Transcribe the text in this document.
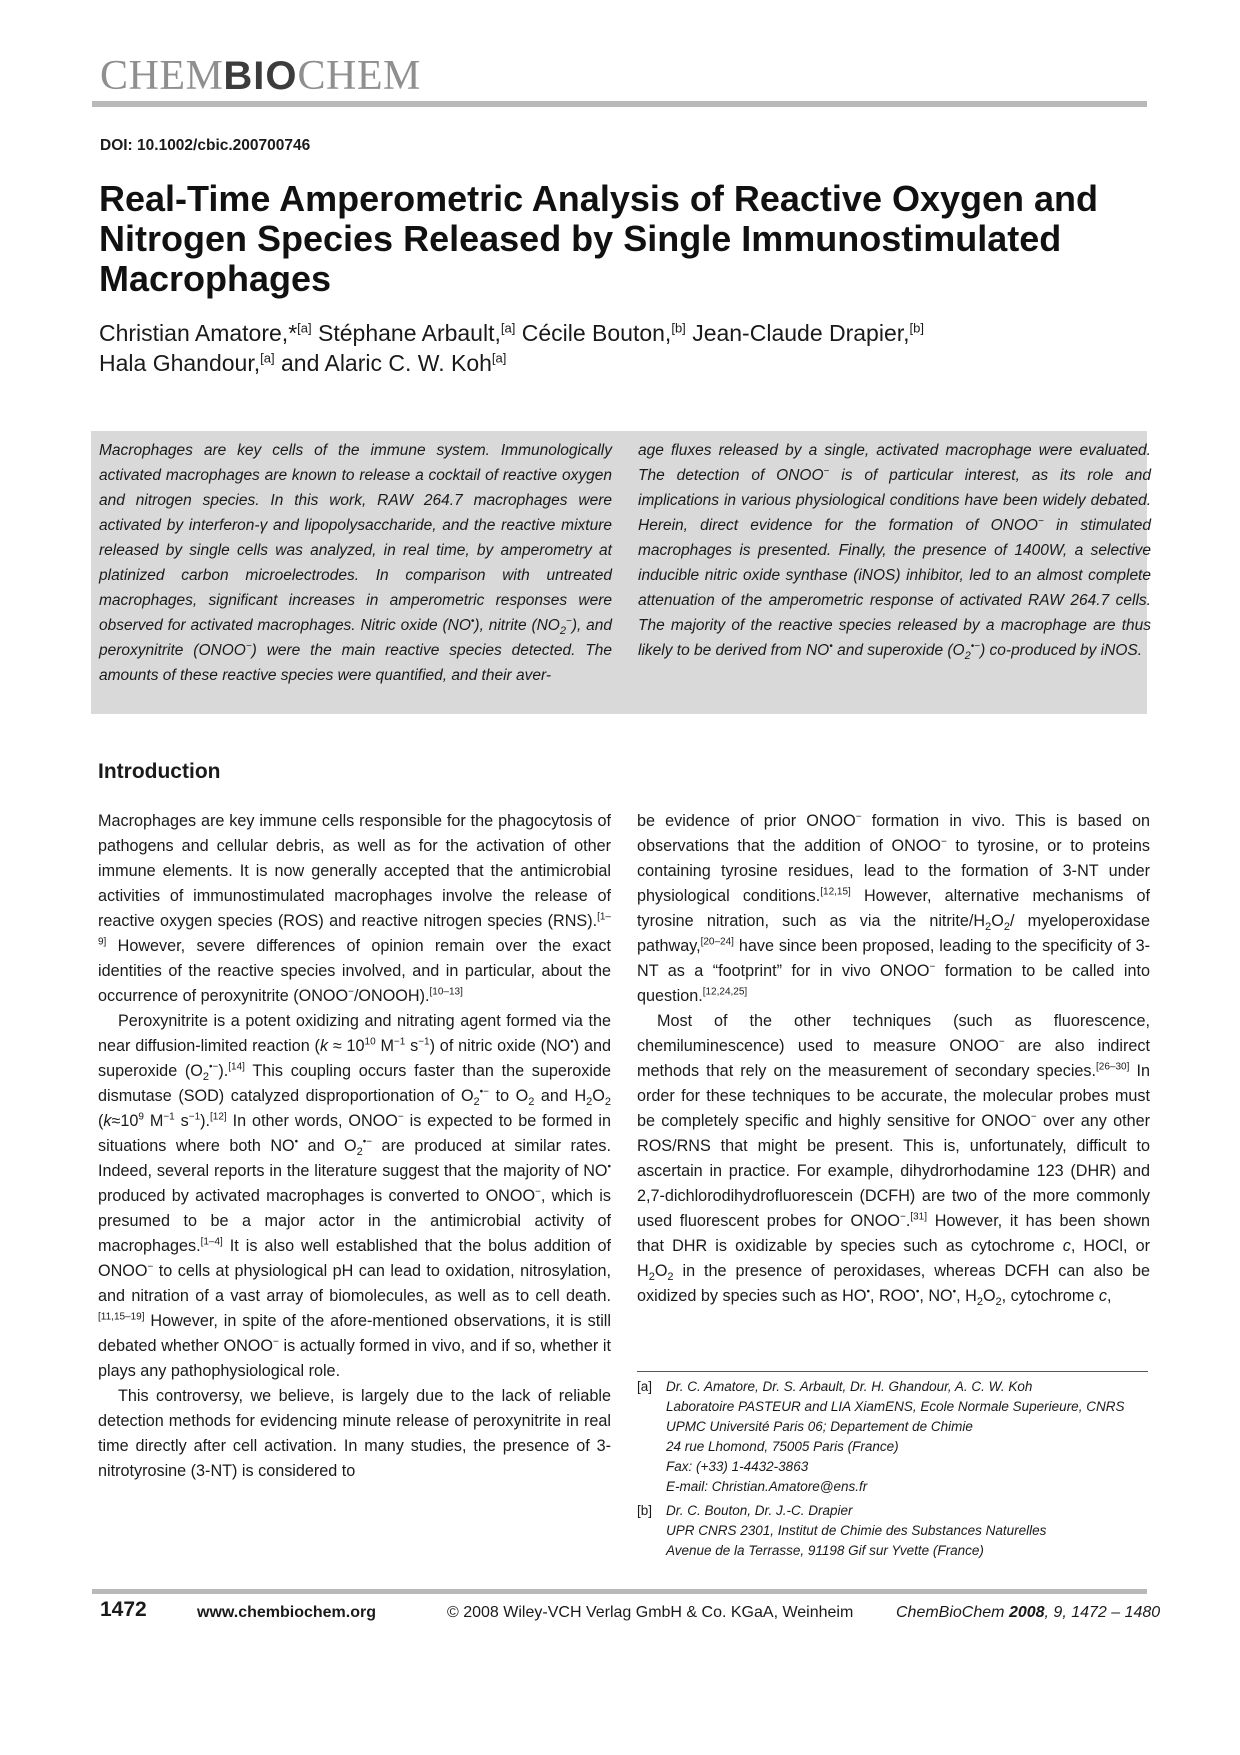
CHEMBIOCHEM
DOI: 10.1002/cbic.200700746
Real-Time Amperometric Analysis of Reactive Oxygen and Nitrogen Species Released by Single Immunostimulated Macrophages
Christian Amatore,*[a] Stéphane Arbault,[a] Cécile Bouton,[b] Jean-Claude Drapier,[b]
Hala Ghandour,[a] and Alaric C. W. Koh[a]
Macrophages are key cells of the immune system. Immunologically activated macrophages are known to release a cocktail of reactive oxygen and nitrogen species. In this work, RAW 264.7 macrophages were activated by interferon-γ and lipopolysaccharide, and the reactive mixture released by single cells was analyzed, in real time, by amperometry at platinized carbon microelectrodes. In comparison with untreated macrophages, significant increases in amperometric responses were observed for activated macrophages. Nitric oxide (NO•), nitrite $(NO_2^-)$, and peroxynitrite (ONOO−) were the main reactive species detected. The amounts of these reactive species were quantified, and their aver-
age fluxes released by a single, activated macrophage were evaluated. The detection of ONOO− is of particular interest, as its role and implications in various physiological conditions have been widely debated. Herein, direct evidence for the formation of ONOO− in stimulated macrophages is presented. Finally, the presence of 1400W, a selective inducible nitric oxide synthase (iNOS) inhibitor, led to an almost complete attenuation of the amperometric response of activated RAW 264.7 cells. The majority of the reactive species released by a macrophage are thus likely to be derived from NO• and superoxide $(O_2^{•-})$ co-produced by iNOS.
Introduction

Macrophages are key immune cells responsible for the phagocytosis of pathogens and cellular debris, as well as for the activation of other immune elements. It is now generally accepted that the antimicrobial activities of immunostimulated macrophages involve the release of reactive oxygen species (ROS) and reactive nitrogen species (RNS).[1–9] However, severe differences of opinion remain over the exact identities of the reactive species involved, and in particular, about the occurrence of peroxynitrite (ONOO−/ONOOH).[10–13]

Peroxynitrite is a potent oxidizing and nitrating agent formed via the near diffusion-limited reaction ($k \approx 10^{10}$ $M^{-1}$ $s^{-1}$) of nitric oxide (NO•) and superoxide $(O_2^{•-}).[14]$ This coupling occurs faster than the superoxide dismutase (SOD) catalyzed disproportionation of $O_2^{•-}$ to $O_2$ and $H_2O_2$ ($k\approx 10^9$ $M^{-1}$ $s^{-1}).[12]$ In other words, ONOO− is expected to be formed in situations where both NO• and $O_2^{•-}$ are produced at similar rates. Indeed, several reports in the literature suggest that the majority of NO• produced by activated macrophages is converted to ONOO−, which is presumed to be a major actor in the antimicrobial activity of macrophages.[1–4] It is also well established that the bolus addition of ONOO− to cells at physiological pH can lead to oxidation, nitrosylation, and nitration of a vast array of biomolecules, as well as to cell death.[11,15–19] However, in spite of the afore-mentioned observations, it is still debated whether ONOO− is actually formed in vivo, and if so, whether it plays any pathophysiological role.

This controversy, we believe, is largely due to the lack of reliable detection methods for evidencing minute release of peroxynitrite in real time directly after cell activation. In many studies, the presence of 3-nitrotyrosine (3-NT) is considered to

be evidence of prior ONOO− formation in vivo. This is based on observations that the addition of ONOO− to tyrosine, or to proteins containing tyrosine residues, lead to the formation of 3-NT under physiological conditions.[12,15] However, alternative mechanisms of tyrosine nitration, such as via the nitrite/$H_2O_2/$ myeloperoxidase pathway,[20–24] have since been proposed, leading to the specificity of 3-NT as a “footprint” for in vivo ONOO− formation to be called into question.[12,24,25]

Most of the other techniques (such as fluorescence, chemiluminescence) used to measure ONOO− are also indirect methods that rely on the measurement of secondary species.[26–30] In order for these techniques to be accurate, the molecular probes must be completely specific and highly sensitive for ONOO− over any other ROS/RNS that might be present. This is, unfortunately, difficult to ascertain in practice. For example, dihydrorhodamine 123 (DHR) and 2,7-dichlorodihydrofluorescein (DCFH) are two of the more commonly used fluorescent probes for ONOO−.[31] However, it has been shown that DHR is oxidizable by species such as cytochrome c, HOCl, or $H_2O_2$ in the presence of peroxidases, whereas DCFH can also be oxidized by species such as HO•, ROO•, NO•, $H_2O_2$, cytochrome c,

[a]	Dr. C. Amatore, Dr. S. Arbault, Dr. H. Ghandour, A. C. W. Koh
Laboratoire PASTEUR and LIA XiamENS, Ecole Normale Superieure, CNRS
UPMC Université Paris 06; Departement de Chimie
24 rue Lhomond, 75005 Paris (France)
Fax: (+33) 1-4432-3863
E-mail: Christian.Amatore@ens.fr
[b]	Dr. C. Bouton, Dr. J.-C. Drapier
UPR CNRS 2301, Institut de Chimie des Substances Naturelles
Avenue de la Terrasse, 91198 Gif sur Yvette (France)
1472	www.chembiochem.org	© 2008 Wiley-VCH Verlag GmbH & Co. KGaA, Weinheim	ChemBioChem 2008, 9, 1472 – 1480
